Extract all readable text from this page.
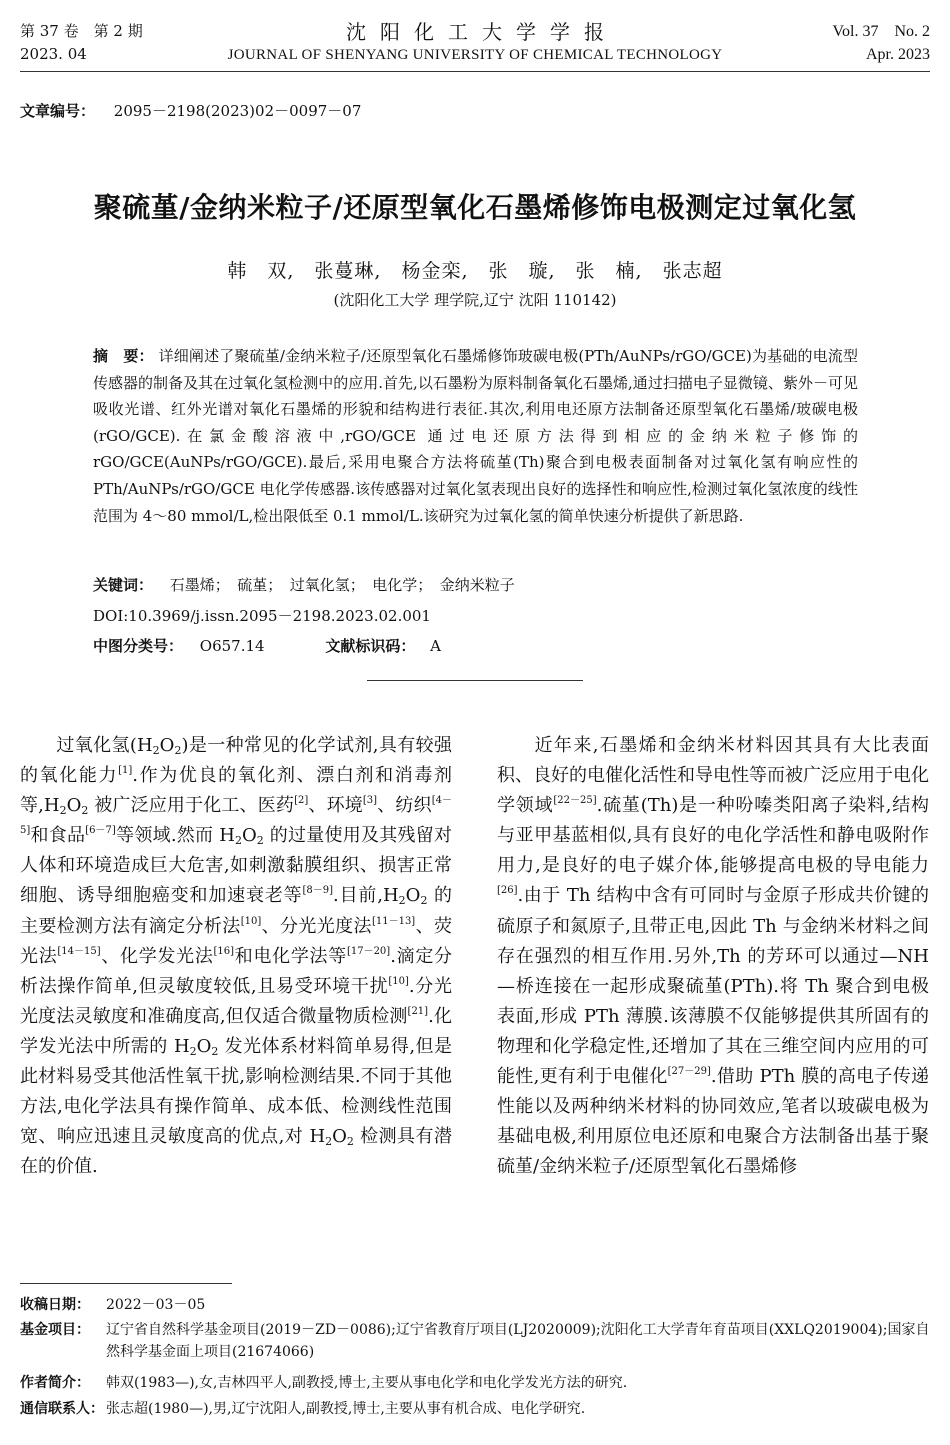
第 37 卷　第 2 期
2023. 04
沈阳化工大学学报
JOURNAL OF SHENYANG UNIVERSITY OF CHEMICAL TECHNOLOGY
Vol. 37　No. 2
Apr. 2023
文章编号： 2095－2198(2023)02－0097－07
聚硫堇/金纳米粒子/还原型氧化石墨烯修饰电极测定过氧化氢
韩　双,　张蔓琳,　杨金栾,　张　璇,　张　楠,　张志超
(沈阳化工大学 理学院,辽宁 沈阳 110142)
摘　要： 详细阐述了聚硫堇/金纳米粒子/还原型氧化石墨烯修饰玻碳电极(PTh/AuNPs/rGO/GCE)为基础的电流型传感器的制备及其在过氧化氢检测中的应用.首先,以石墨粉为原料制备氧化石墨烯,通过扫描电子显微镜、紫外－可见吸收光谱、红外光谱对氧化石墨烯的形貌和结构进行表征.其次,利用电还原方法制备还原型氧化石墨烯/玻碳电极(rGO/GCE).在氯金酸溶液中,rGO/GCE 通过电还原方法得到相应的金纳米粒子修饰的 rGO/GCE(AuNPs/rGO/GCE).最后,采用电聚合方法将硫堇(Th)聚合到电极表面制备对过氧化氢有响应性的 PTh/AuNPs/rGO/GCE 电化学传感器.该传感器对过氧化氢表现出良好的选择性和响应性,检测过氧化氢浓度的线性范围为 4～80 mmol/L,检出限低至 0.1 mmol/L.该研究为过氧化氢的简单快速分析提供了新思路.
关键词： 石墨烯；　硫堇；　过氧化氢；　电化学；　金纳米粒子
DOI:10.3969/j.issn.2095－2198.2023.02.001
中图分类号： O657.14	文献标识码： A
过氧化氢$(H_2O_2)$是一种常见的化学试剂,具有较强的氧化能力[1].作为优良的氧化剂、漂白剂和消毒剂等$,H_2O_2$ 被广泛应用于化工、医药[2]、环境[3]、纺织[4－5]和食品[6－7]等领域.然而 $H_2O_2$ 的过量使用及其残留对人体和环境造成巨大危害,如刺激黏膜组织、损害正常细胞、诱导细胞癌变和加速衰老等[8－9].目前$,H_2O_2$ 的主要检测方法有滴定分析法[10]、分光光度法[11－13]、荧光法[14－15]、化学发光法[16]和电化学法等[17－20].滴定分析法操作简单,但灵敏度较低,且易受环境干扰[10].分光光度法灵敏度和准确度高,但仅适合微量物质检测[21].化学发光法中所需的 $H_2O_2$ 发光体系材料简单易得,但是此材料易受其他活性氧干扰,影响检测结果.不同于其他方法,电化学法具有操作简单、成本低、检测线性范围宽、响应迅速且灵敏度高的优点,对 $H_2O_2$ 检测具有潜在的价值.
近年来,石墨烯和金纳米材料因其具有大比表面积、良好的电催化活性和导电性等而被广泛应用于电化学领域[22－25].硫堇(Th)是一种吩嗪类阳离子染料,结构与亚甲基蓝相似,具有良好的电化学活性和静电吸附作用力,是良好的电子媒介体,能够提高电极的导电能力[26].由于 Th 结构中含有可同时与金原子形成共价键的硫原子和氮原子,且带正电,因此 Th 与金纳米材料之间存在强烈的相互作用.另外,Th 的芳环可以通过—NH—桥连接在一起形成聚硫堇(PTh).将 Th 聚合到电极表面,形成 PTh 薄膜.该薄膜不仅能够提供其所固有的物理和化学稳定性,还增加了其在三维空间内应用的可能性,更有利于电催化[27－29].借助 PTh 膜的高电子传递性能以及两种纳米材料的协同效应,笔者以玻碳电极为基础电极,利用原位电还原和电聚合方法制备出基于聚硫堇/金纳米粒子/还原型氧化石墨烯修
收稿日期： 2022－03－05
基金项目： 辽宁省自然科学基金项目(2019－ZD－0086);辽宁省教育厅项目(LJ2020009);沈阳化工大学青年育苗项目(XXLQ2019004);国家自然科学基金面上项目(21674066)
作者简介： 韩双(1983—),女,吉林四平人,副教授,博士,主要从事电化学和电化学发光方法的研究.
通信联系人： 张志超(1980—),男,辽宁沈阳人,副教授,博士,主要从事有机合成、电化学研究.
